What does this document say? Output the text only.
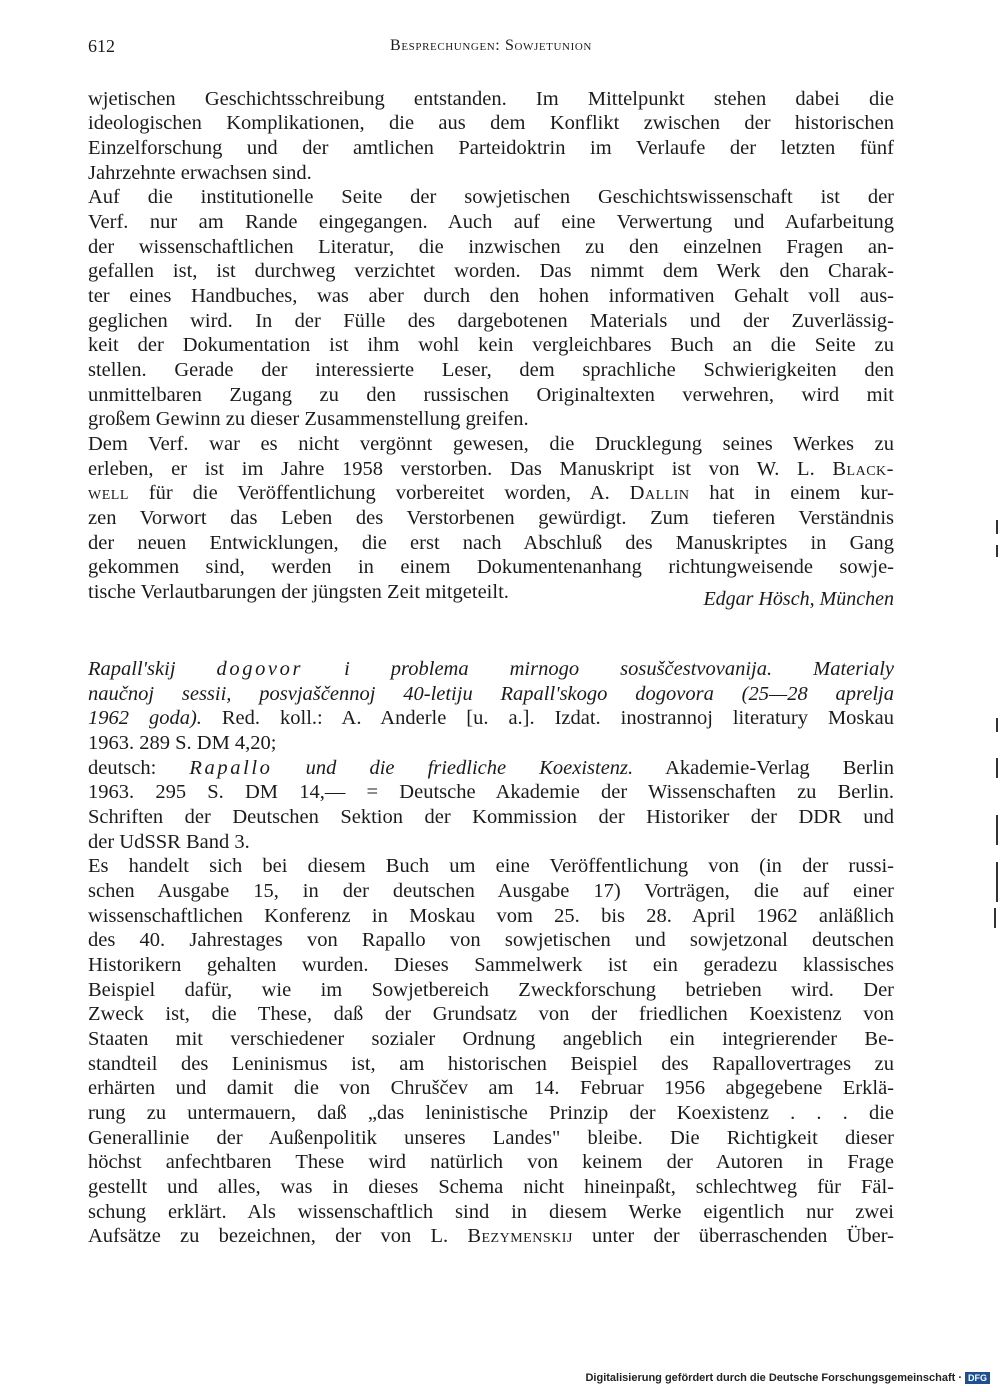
612	Besprechungen: Sowjetunion
wjetischen Geschichtsschreibung entstanden. Im Mittelpunkt stehen dabei die
ideologischen Komplikationen, die aus dem Konflikt zwischen der historischen
Einzelforschung und der amtlichen Parteidoktrin im Verlaufe der letzten fünf
Jahrzehnte erwachsen sind.
Auf die institutionelle Seite der sowjetischen Geschichtswissenschaft ist der
Verf. nur am Rande eingegangen. Auch auf eine Verwertung und Aufarbeitung
der wissenschaftlichen Literatur, die inzwischen zu den einzelnen Fragen an-
gefallen ist, ist durchweg verzichtet worden. Das nimmt dem Werk den Charak-
ter eines Handbuches, was aber durch den hohen informativen Gehalt voll aus-
geglichen wird. In der Fülle des dargebotenen Materials und der Zuverlässig-
keit der Dokumentation ist ihm wohl kein vergleichbares Buch an die Seite zu
stellen. Gerade der interessierte Leser, dem sprachliche Schwierigkeiten den
unmittelbaren Zugang zu den russischen Originaltexten verwehren, wird mit
großem Gewinn zu dieser Zusammenstellung greifen.
Dem Verf. war es nicht vergönnt gewesen, die Drucklegung seines Werkes zu
erleben, er ist im Jahre 1958 verstorben. Das Manuskript ist von W. L. Black-
well für die Veröffentlichung vorbereitet worden, A. Dallin hat in einem kur-
zen Vorwort das Leben des Verstorbenen gewürdigt. Zum tieferen Verständnis
der neuen Entwicklungen, die erst nach Abschluß des Manuskriptes in Gang
gekommen sind, werden in einem Dokumentenanhang richtungweisende sowje-
tische Verlautbarungen der jüngsten Zeit mitgeteilt.	Edgar Hösch, München
Rapall'skij dogovor i problema mirnogo sosuščestvovanija. Materialy
naučnoj sessii, posvjaščennoj 40-letiju Rapall'skogo dogovora (25—28 aprelja
1962 goda). Red. koll.: A. Anderle [u. a.]. Izdat. inostrannoj literatury Moskau
1963. 289 S. DM 4,20;
deutsch: Rapallo und die friedliche Koexistenz. Akademie-Verlag Berlin
1963. 295 S. DM 14,— = Deutsche Akademie der Wissenschaften zu Berlin.
Schriften der Deutschen Sektion der Kommission der Historiker der DDR und
der UdSSR Band 3.
Es handelt sich bei diesem Buch um eine Veröffentlichung von (in der russi-
schen Ausgabe 15, in der deutschen Ausgabe 17) Vorträgen, die auf einer
wissenschaftlichen Konferenz in Moskau vom 25. bis 28. April 1962 anläßlich
des 40. Jahrestages von Rapallo von sowjetischen und sowjetzonal deutschen
Historikern gehalten wurden. Dieses Sammelwerk ist ein geradezu klassisches
Beispiel dafür, wie im Sowjetbereich Zweckforschung betrieben wird. Der
Zweck ist, die These, daß der Grundsatz von der friedlichen Koexistenz von
Staaten mit verschiedener sozialer Ordnung angeblich ein integrierender Be-
standteil des Leninismus ist, am historischen Beispiel des Rapallovertrages zu
erhärten und damit die von Chruščev am 14. Februar 1956 abgegebene Erklä-
rung zu untermauern, daß „das leninistische Prinzip der Koexistenz . . . die
Generallinie der Außenpolitik unseres Landes" bleibe. Die Richtigkeit dieser
höchst anfechtbaren These wird natürlich von keinem der Autoren in Frage
gestellt und alles, was in dieses Schema nicht hineinpaßt, schlechtweg für Fäl-
schung erklärt. Als wissenschaftlich sind in diesem Werke eigentlich nur zwei
Aufsätze zu bezeichnen, der von L. Bezymenskij unter der überraschenden Über-
Digitalisierung gefördert durch die Deutsche Forschungsgemeinschaft · DFG
